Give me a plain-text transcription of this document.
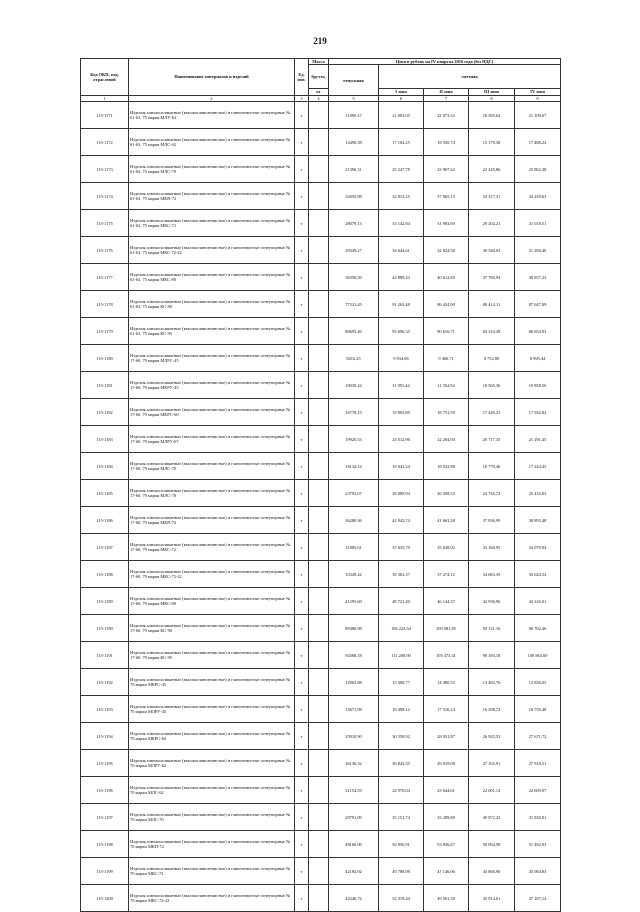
219
Код ОКП, код, отраслевой	Наименование материалов и изделий	Ед. изм.	Масса	Цена в рублях на IV квартал 2016 года (без НДС)				
			брутто,	отпускная	сметная			
			кг		I зона	II зона	III зона	IV зона
1	2	3	4	5	6	7	8	9
115-1171	Изделия алюмосиликатные (высокоглиноземистые) и глиноземистые огнеупорные № 61-63, 75 марки МЛУ-62	т		11090,37	21 003,95	22 073,33	18 585,62	21 109,67
115-1172	Изделия алюмосиликатные (высокоглиноземистые) и глиноземистые огнеупорные № 61-63, 75 марки МЛС-62	т		14490,58	17 104,25	18 350,74	15 179,38	17 488,22
115-1173	Изделия алюмосиликатные (высокоглиноземистые) и глиноземистые огнеупорные № 61-63, 75 марки МЛС-70	т		21390,31	25 247,78	23 967,62	22 245,86	25 862,38
115-1174	Изделия алюмосиликатные (высокоглиноземистые) и глиноземистые огнеупорные № 61-63, 75 марки МКП-72	т		32055,98	32 813,25	37 865,13	33 317,31	34 249,63
115-1175	Изделия алюмосиликатные (высокоглиноземистые) и глиноземистые огнеупорные № 61-63, 75 марки МКС-72	т		28079,13	33 142,84	31 983,69	29 202,21	31 018,51
115-1176	Изделия алюмосиликатные (высокоглиноземистые) и глиноземистые огнеупорные № 61-63, 75 марки МКС-72-22	т		29349,27	34 644,61	32 824,50	30 540,03	31 280,40
115-1177	Изделия алюмосиликатные (высокоглиноземистые) и глиноземистые огнеупорные № 61-63, 75 марки МКС-80	т		36356,59	42 889,43	40 612,85	37 789,94	38 857,23
115-1178	Изделия алюмосиликатные (высокоглиноземистые) и глиноземистые огнеупорные № 61-63, 75 марки КС-90	т		77321,45	91 263,48	86 424,90	80 414,11	87 647,09
115-1179	Изделия алюмосиликатные (высокоглиноземистые) и глиноземистые огнеупорные № 61-63, 75 марки КС-95	т		80693,40	95 696,35	90 616,71	84 310,38	86 654,93
115-1180	Изделия алюмосиликатные (высокоглиноземистые) и глиноземистые огнеупорные № 17-60, 79 марки МЛРС-45	т		8416,25	9 934,06	9 466,71	8 752,88	8 995,44
115-1181	Изделия алюмосиликатные (высокоглиноземистые) и глиноземистые огнеупорные № 17-60, 79 марки МКРУ-45	т		10039,24	11 991,44	11 354,94	10 565,36	10 858,56
115-1182	Изделия алюмосиликатные (высокоглиноземистые) и глиноземистые огнеупорные № 17-60, 79 марки МКРС-60	т		16778,15	19 803,89	18 751,59	17 449,21	17 932,82
115-1183	Изделия алюмосиликатные (высокоглиноземистые) и глиноземистые огнеупорные № 17-60, 79 марки МЛРУ-67	т		19920,53	23 512,96	22 264,94	20 717,35	21 291,45
115-1184	Изделия алюмосиликатные (высокоглиноземистые) и глиноземистые огнеупорные № 17-60, 79 марки МЛС-70	т		16134,14	19 043,24	18 032,88	16 779,46	17 244,45
115-1185	Изделия алюмосиликатные (высокоглиноземистые) и глиноземистые огнеупорные № 17-60, 79 марки МЛС-70	т		23793,67	28 089,94	26 598,53	24 745,72	25 433,03
115-1186	Изделия алюмосиликатные (высокоглиноземистые) и глиноземистые огнеупорные № 17-60, 79 марки МКП-72	т		36280,36	42 942,74	41 663,28	37 836,99	38 893,48
115-1187	Изделия алюмосиликатные (высокоглиноземистые) и глиноземистые огнеупорные № 17-60, 79 марки МКС-72	т		31885,61	37 635,79	35 638,02	33 160,95	34 079,94
115-1188	Изделия алюмосиликатные (высокоглиноземистые) и глиноземистые огнеупорные № 17-60, 79 марки МКС-72-22	т		33349,42	39 363,37	37 274,12	34 683,39	35 644,52
115-1189	Изделия алюмосиликатные (высокоглиноземистые) и глиноземистые огнеупорные № 17-60, 79 марки МКС-80	т		41295,60	48 721,40	46 144,37	42 936,96	44 126,91
115-1190	Изделия алюмосиликатные (высокоглиноземистые) и глиноземистые огнеупорные № 17-60, 79 марки КС-90	т		89480,98	106 223,54	100 081,85	93 121,16	96 702,46
115-1191	Изделия алюмосиликатные (высокоглиноземистые) и глиноземистые огнеупорные № 17-60, 79 марки КС-95	т		94568,18	111 200,90	105 473,41	98 183,18	100 863,69
115-1192	Изделия алюмосиликатные (высокоглиноземистые) и глиноземистые огнеупорные № 70 марки МКРС-45	т		12963,88	15 300,77	14 490,53	13 482,76	13 856,05
115-1193	Изделия алюмосиликатные (высокоглиноземистые) и глиноземистые огнеупорные № 70 марки МЛРУ-45	т		15671,98	18 498,12	17 516,24	16 298,72	16 750,48
115-1194	Изделия алюмосиликатные (высокоглиноземистые) и глиноземистые огнеупорные № 70 марки МКРС-60	т		25910,90	30 558,92	28 931,87	26 925,53	27 671,72
115-1195	Изделия алюмосиликатные (высокоглиноземистые) и глиноземистые огнеупорные № 70 марки МЛРУ-62	т		26130,32	30 843,35	29 019,08	27 165,91	27 918,51
115-1196	Изделия алюмосиликатные (высокоглиноземистые) и глиноземистые огнеупорные № 70 марки МЛС-62	т		21154,59	24 970,04	23 644,61	22 001,12	22 609,07
115-1197	Изделия алюмосиликатные (высокоглиноземистые) и глиноземистые огнеупорные № 70 марки МЛС-70	т		29791,09	35 151,74	33 289,80	30 972,23	31 830,01
115-1198	Изделия алюмосиликатные (высокоглиноземистые) и глиноземистые огнеупорные № 70 марки МКП-72	т		48168,00	56 856,91	53 836,67	50 094,98	51 482,93
115-1199	Изделия алюмосиликатные (высокоглиноземистые) и глиноземистые огнеупорные № 70 марки МКС-72	т		42184,92	49 788,98	47 146,06	43 866,96	45 084,83
115-1200	Изделия алюмосиликатные (высокоглиноземистые) и глиноземистые огнеупорные № 70 марки МКС-72-22	т		44346,72	52 319,44	49 561,39	45 914,61	47 187,14
